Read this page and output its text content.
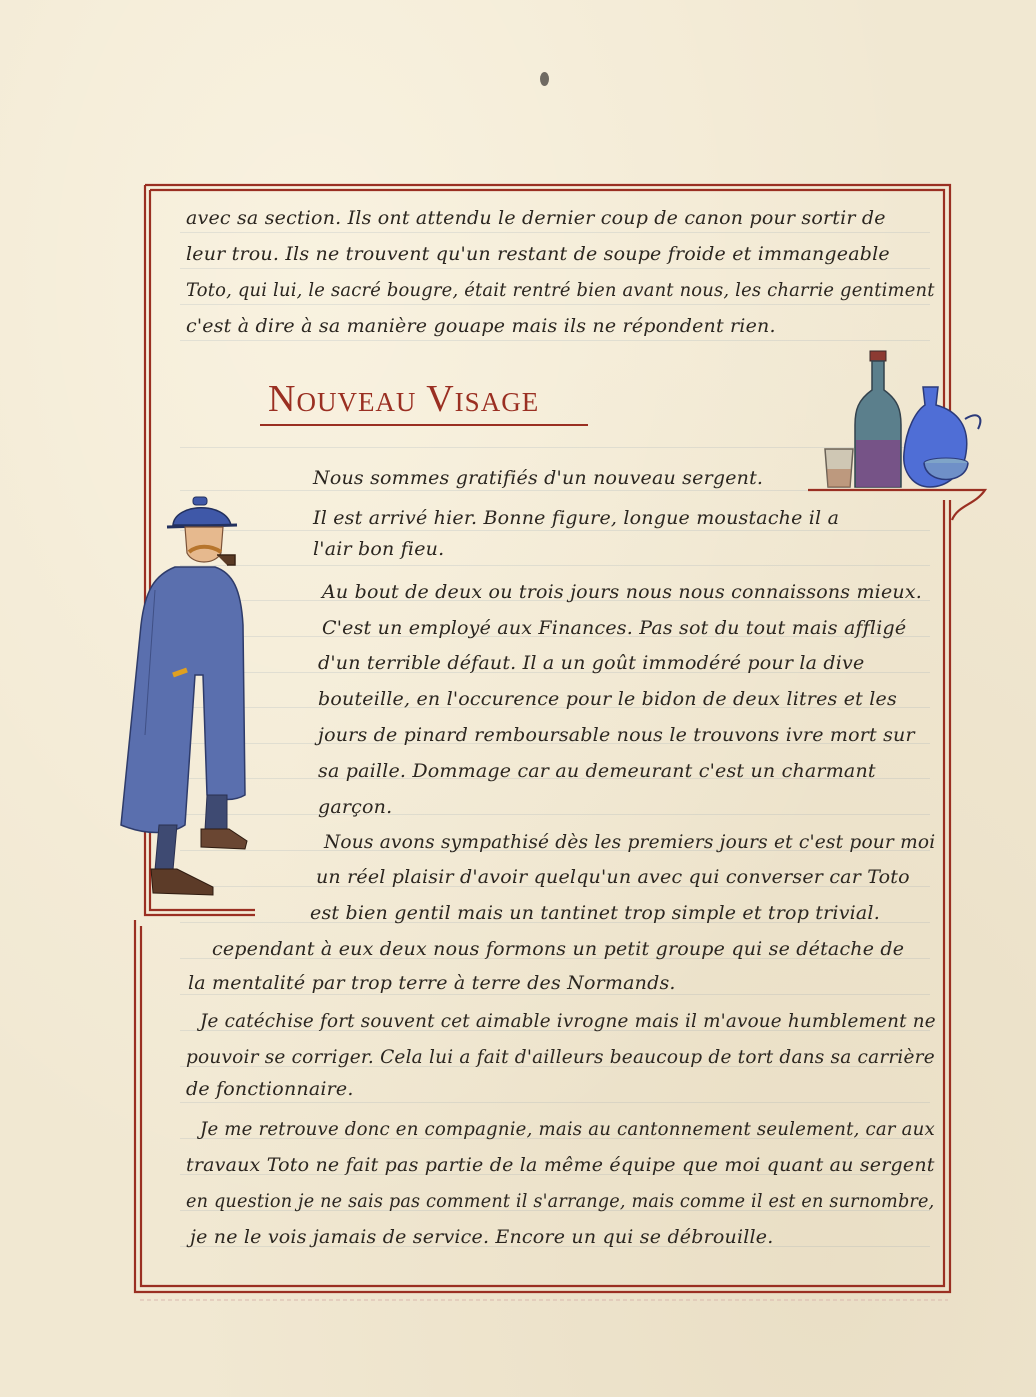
avec sa section. Ils ont attendu le dernier coup de canon pour sortir de
leur trou. Ils ne trouvent qu'un restant de soupe froide et immangeable
Toto, qui lui, le sacré bougre, était rentré bien avant nous, les charrie gentiment
c'est à dire à sa manière gouape mais ils ne répondent rien.
Nouveau Visage
Nous sommes gratifiés d'un nouveau sergent.
Il est arrivé hier. Bonne figure, longue moustache il a
l'air bon fieu.
Au bout de deux ou trois jours nous nous connaissons mieux.
C'est un employé aux Finances. Pas sot du tout mais affligé
d'un terrible défaut. Il a un goût immodéré pour la dive
bouteille, en l'occurence pour le bidon de deux litres et les
jours de pinard remboursable nous le trouvons ivre mort sur
sa paille. Dommage car au demeurant c'est un charmant
garçon.
Nous avons sympathisé dès les premiers jours et c'est pour moi
un réel plaisir d'avoir quelqu'un avec qui converser car Toto
est bien gentil mais un tantinet trop simple et trop trivial.
cependant à eux deux nous formons un petit groupe qui se détache de
la mentalité par trop terre à terre des Normands.
Je catéchise fort souvent cet aimable ivrogne mais il m'avoue humblement ne
pouvoir se corriger. Cela lui a fait d'ailleurs beaucoup de tort dans sa carrière
de fonctionnaire.
Je me retrouve donc en compagnie, mais au cantonnement seulement, car aux
travaux Toto ne fait pas partie de la même équipe que moi quant au sergent
en question je ne sais pas comment il s'arrange, mais comme il est en surnombre,
je ne le vois jamais de service. Encore un qui se débrouille.
